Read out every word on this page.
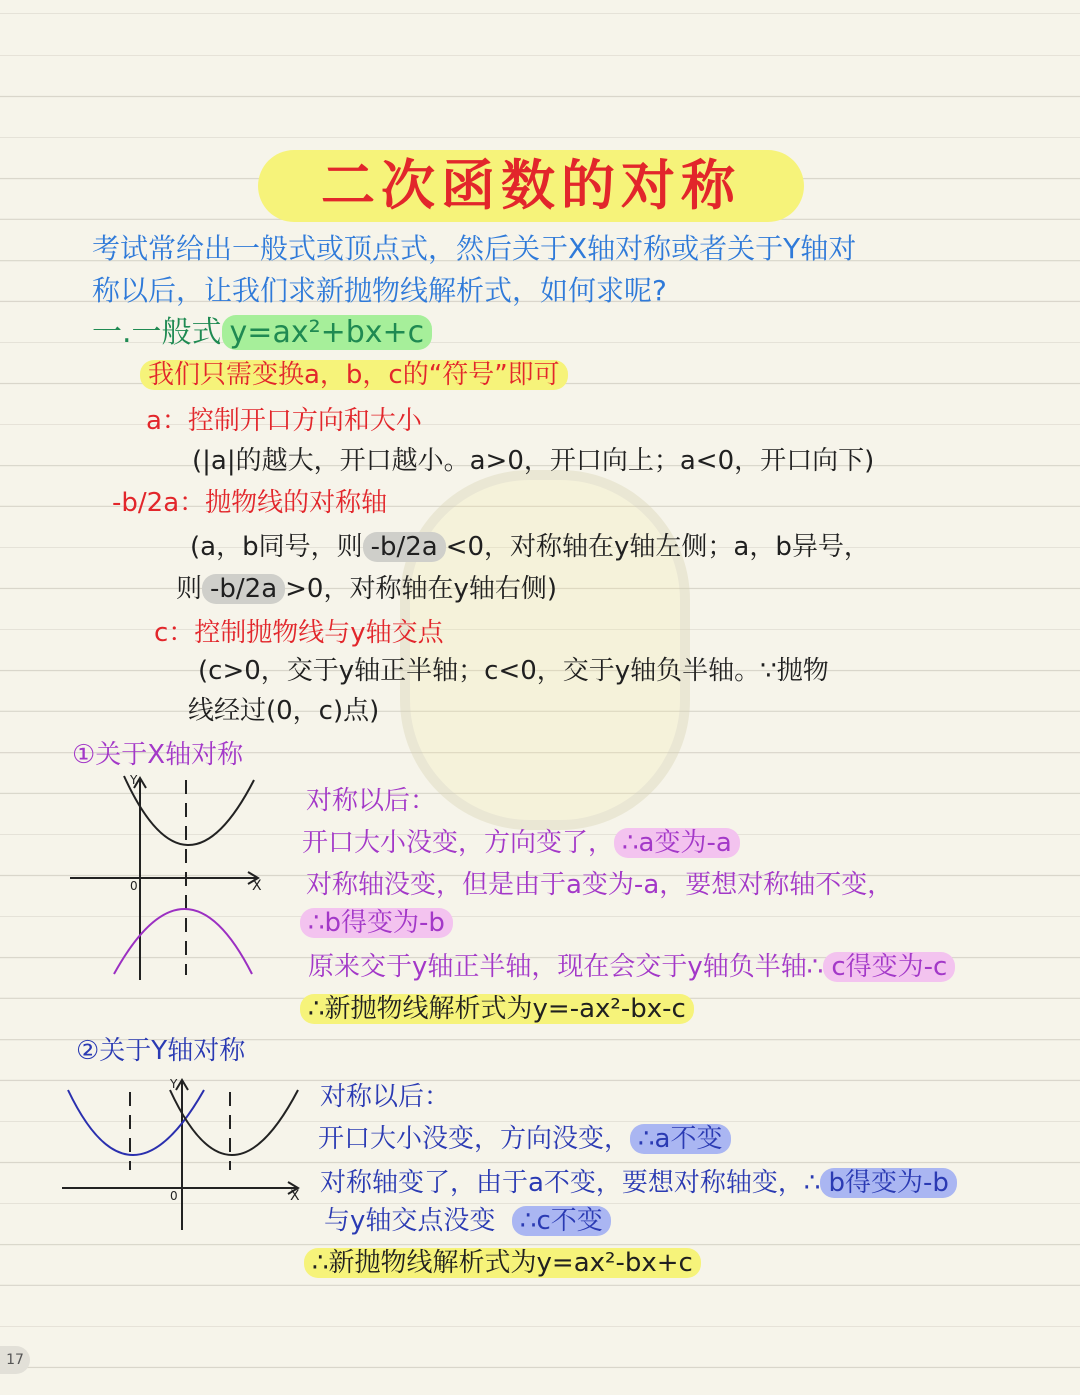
二次函数的对称
考试常给出一般式或顶点式，然后关于X轴对称或者关于Y轴对
称以后，让我们求新抛物线解析式，如何求呢?
一.一般式 y=ax²+bx+c
我们只需变换a，b，c的“符号”即可
a：控制开口方向和大小
(|a|的越大，开口越小。a>0，开口向上；a<0，开口向下)
-b/2a：抛物线的对称轴
(a，b同号，则 -b/2a <0，对称轴在y轴左侧；a，b异号，
则 -b/2a >0，对称轴在y轴右侧)
c：控制抛物线与y轴交点
(c>0，交于y轴正半轴；c<0，交于y轴负半轴。∵抛物
线经过(0，c)点)
①关于X轴对称
X
Y
0
对称以后：
开口大小没变，方向变了， ∴a变为-a
对称轴没变，但是由于a变为-a，要想对称轴不变，
∴b得变为-b
原来交于y轴正半轴，现在会交于y轴负半轴∴ c得变为-c
∴新抛物线解析式为y=-ax²-bx-c
②关于Y轴对称
X
Y
0
对称以后：
开口大小没变，方向没变， ∴a不变
对称轴变了，由于a不变，要想对称轴变，∴ b得变为-b
与y轴交点没变 ∴c不变
∴新抛物线解析式为y=ax²-bx+c
17
